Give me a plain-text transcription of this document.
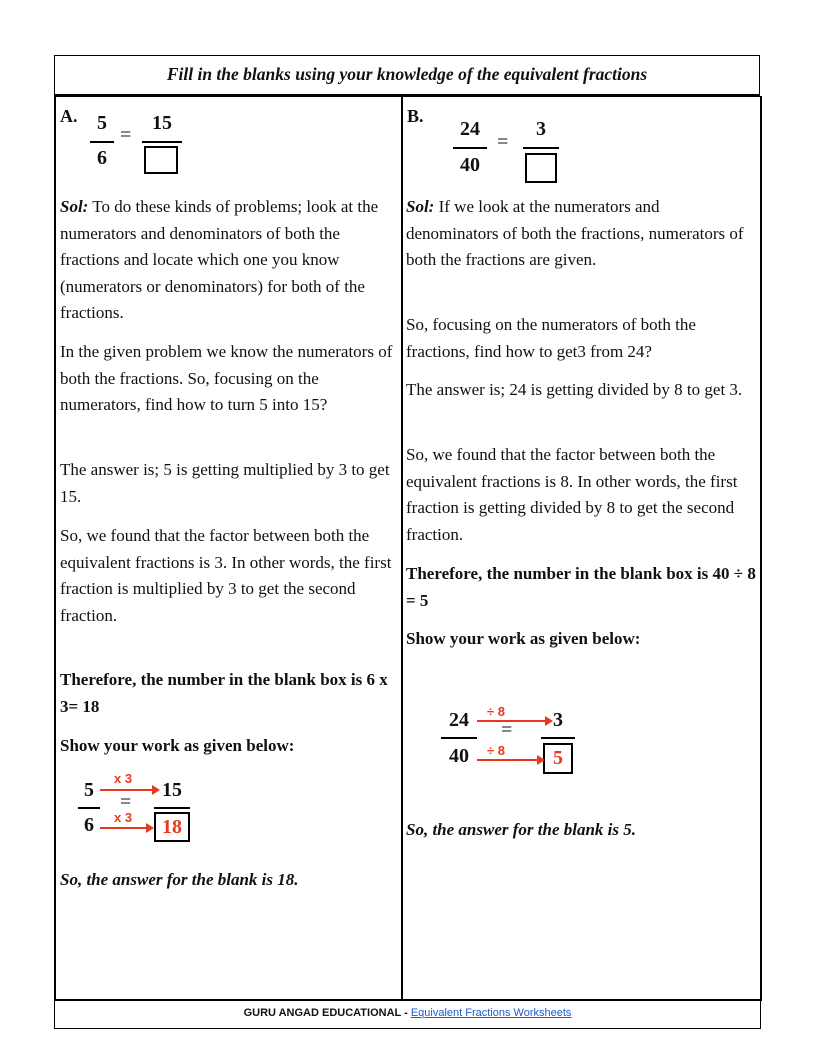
Fill in the blanks using your knowledge of the equivalent fractions
A. 5
6
=
15

Sol: To do these kinds of problems; look at the numerators and denominators of both the fractions and locate which one you know (numerators or denominators) for both of the fractions.

In the given problem we know the numerators of both the fractions. So, focusing on the numerators, find how to turn 5 into 15?

The answer is; 5 is getting multiplied by 3 to get 15.

So, we found that the factor between both the equivalent fractions is 3. In other words, the first fraction is multiplied by 3 to get the second fraction.

Therefore, the number in the blank box is 6 x 3= 18

Show your work as given below:

5
6
=
15
18
x 3
x 3

So, the answer for the blank is 18.

B.
24
40
=
3

Sol: If we look at the numerators and denominators of both the fractions, numerators of both the fractions are given.

So, focusing on the numerators of both the fractions, find how to get3 from 24?

The answer is; 24 is getting divided by 8 to get 3.

So, we found that the factor between both the equivalent fractions is 8. In other words, the first fraction is getting divided by 8 to get the second fraction.

Therefore, the number in the blank box is 40 ÷ 8 = 5

Show your work as given below:

24
40
=	3
5
÷ 8
÷ 8

So, the answer for the blank is 5.

GURU ANGAD EDUCATIONAL - Equivalent Fractions Worksheets
